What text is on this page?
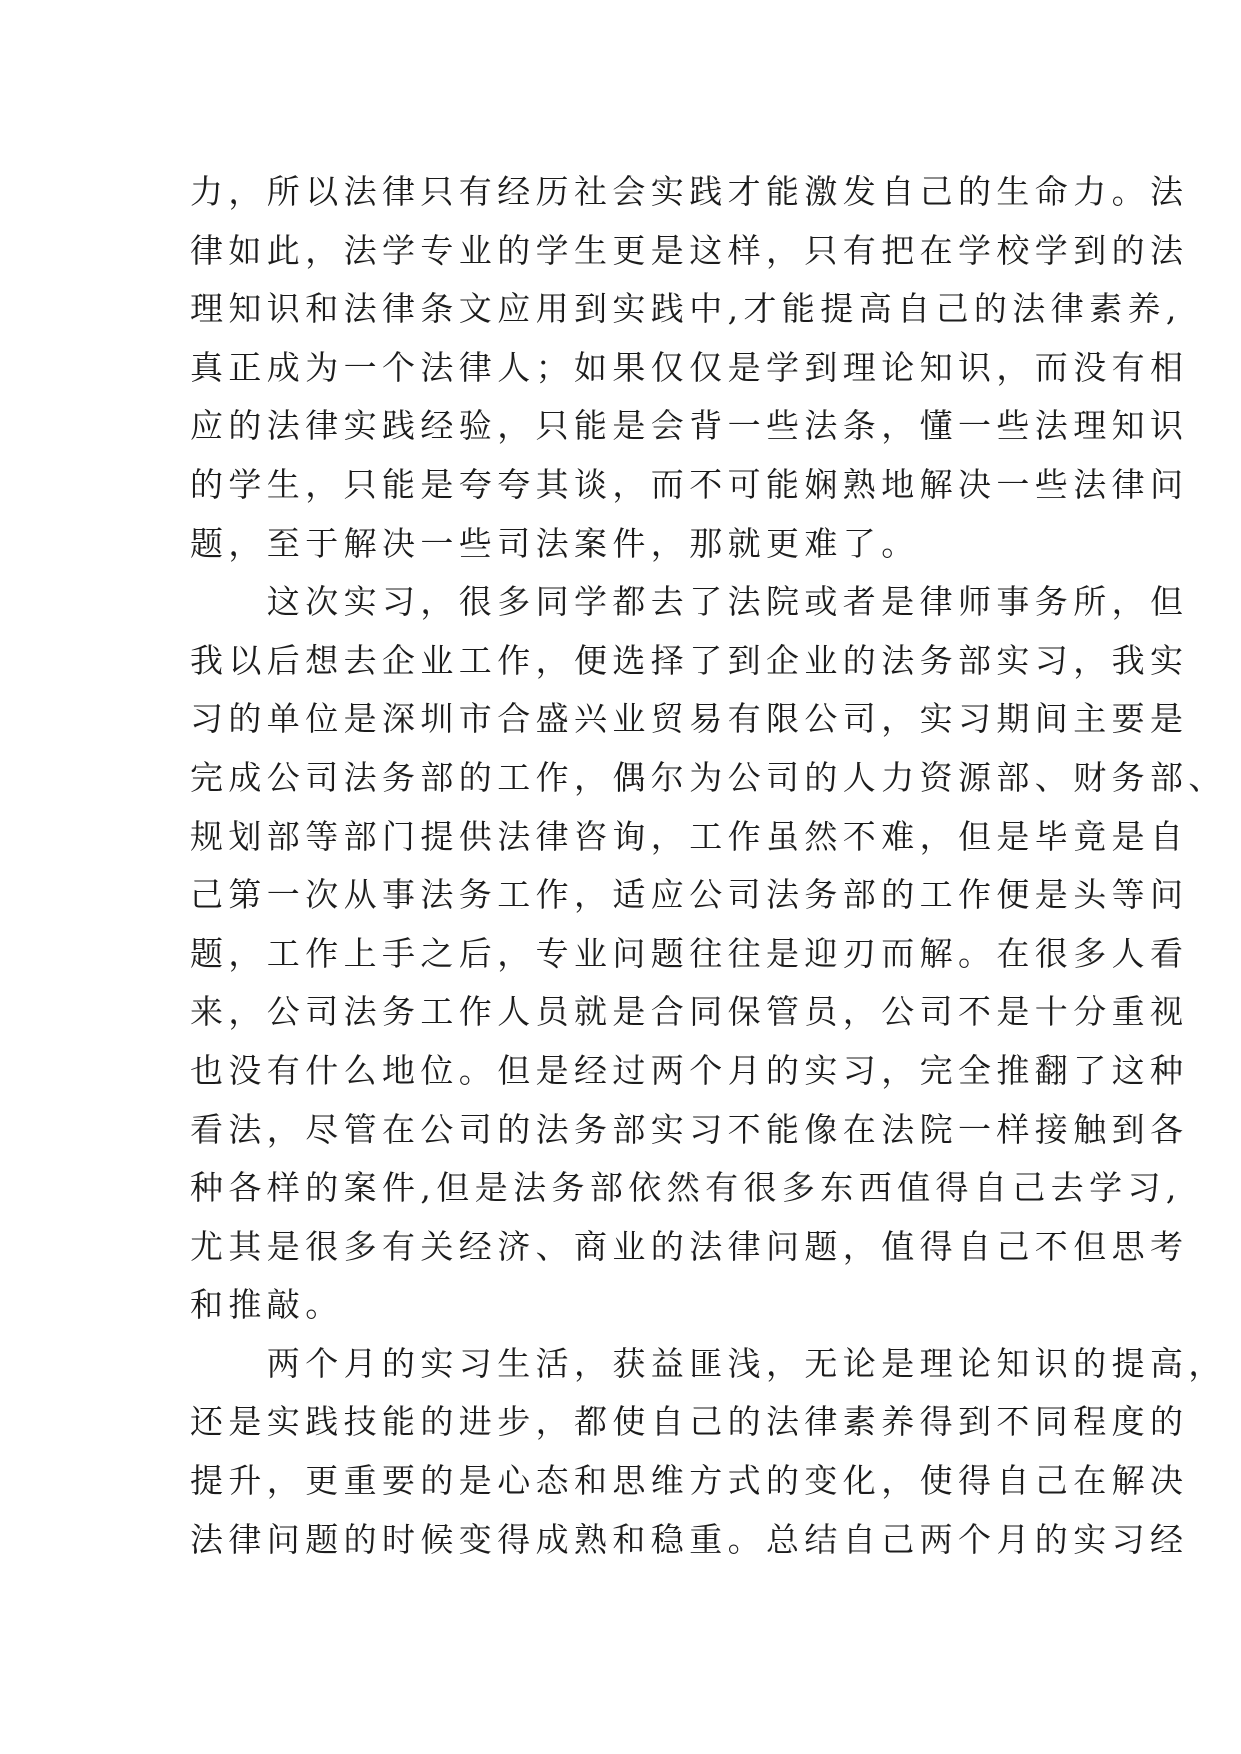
力，所以法律只有经历社会实践才能激发自己的生命力。法
律如此，法学专业的学生更是这样，只有把在学校学到的法
理知识和法律条文应用到实践中,才能提高自己的法律素养,
真正成为一个法律人；如果仅仅是学到理论知识，而没有相
应的法律实践经验，只能是会背一些法条，懂一些法理知识
的学生，只能是夸夸其谈，而不可能娴熟地解决一些法律问
题，至于解决一些司法案件，那就更难了。
　　这次实习，很多同学都去了法院或者是律师事务所，但
我以后想去企业工作，便选择了到企业的法务部实习，我实
习的单位是深圳市合盛兴业贸易有限公司，实习期间主要是
完成公司法务部的工作，偶尔为公司的人力资源部、财务部、
规划部等部门提供法律咨询，工作虽然不难，但是毕竟是自
己第一次从事法务工作，适应公司法务部的工作便是头等问
题，工作上手之后，专业问题往往是迎刃而解。在很多人看
来，公司法务工作人员就是合同保管员，公司不是十分重视
也没有什么地位。但是经过两个月的实习，完全推翻了这种
看法，尽管在公司的法务部实习不能像在法院一样接触到各
种各样的案件,但是法务部依然有很多东西值得自己去学习,
尤其是很多有关经济、商业的法律问题，值得自己不但思考
和推敲。
　　两个月的实习生活，获益匪浅，无论是理论知识的提高，
还是实践技能的进步，都使自己的法律素养得到不同程度的
提升，更重要的是心态和思维方式的变化，使得自己在解决
法律问题的时候变得成熟和稳重。总结自己两个月的实习经
